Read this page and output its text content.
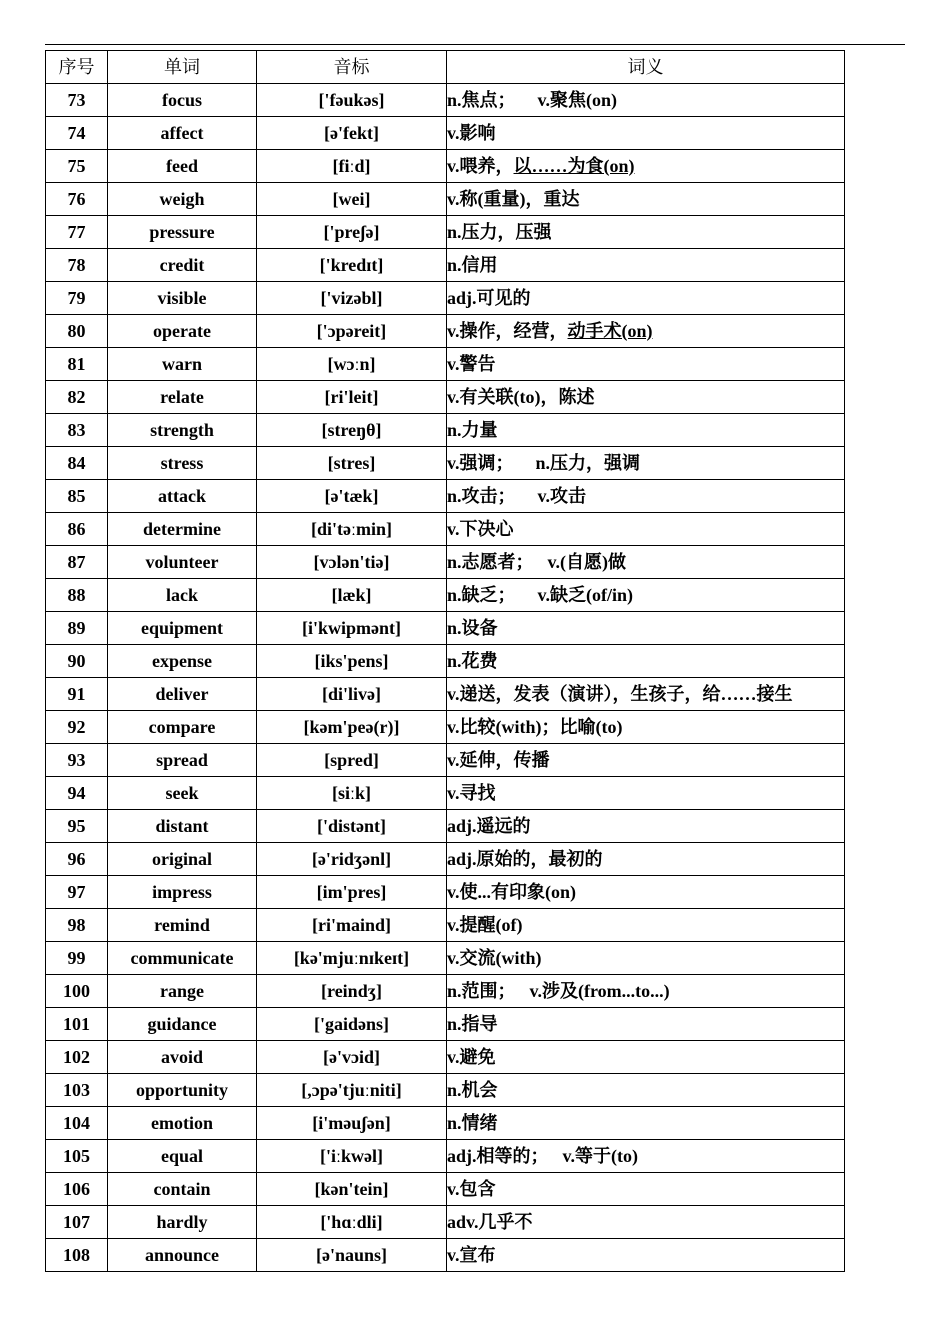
序号	单词	音标	词义
73	focus	['fəukəs]	n.焦点； v.聚焦(on)
74	affect	[ə'fekt]	v.影响
75	feed	[fiːd]	v.喂养，以……为食(on)
76	weigh	[wei]	v.称(重量)，重达
77	pressure	['preʃə]	n.压力，压强
78	credit	['kredɪt]	n.信用
79	visible	['vizəbl]	adj.可见的
80	operate	['ɔpəreit]	v.操作，经营，动手术(on)
81	warn	[wɔːn]	v.警告
82	relate	[ri'leit]	v.有关联(to)，陈述
83	strength	[streŋθ]	n.力量
84	stress	[stres]	v.强调； n.压力，强调
85	attack	[ə'tæk]	n.攻击； v.攻击
86	determine	[di'təːmin]	v.下决心
87	volunteer	[vɔlən'tiə]	n.志愿者； v.(自愿)做
88	lack	[læk]	n.缺乏； v.缺乏(of/in)
89	equipment	[i'kwipmənt]	n.设备
90	expense	[iks'pens]	n.花费
91	deliver	[di'livə]	v.递送，发表（演讲），生孩子，给……接生
92	compare	[kəm'peə(r)]	v.比较(with)；比喻(to)
93	spread	[spred]	v.延伸，传播
94	seek	[siːk]	v.寻找
95	distant	['distənt]	adj.遥远的
96	original	[ə'ridʒənl]	adj.原始的，最初的
97	impress	[im'pres]	v.使...有印象(on)
98	remind	[ri'maind]	v.提醒(of)
99	communicate	[kə'mjuːnɪkeɪt]	v.交流(with)
100	range	[reindʒ]	n.范围； v.涉及(from...to...)
101	guidance	['gaidəns]	n.指导
102	avoid	[ə'vɔid]	v.避免
103	opportunity	[,ɔpə'tjuːniti]	n.机会
104	emotion	[i'məuʃən]	n.情绪
105	equal	['iːkwəl]	adj.相等的； v.等于(to)
106	contain	[kən'tein]	v.包含
107	hardly	['hɑːdli]	adv.几乎不
108	announce	[ə'nauns]	v.宣布
